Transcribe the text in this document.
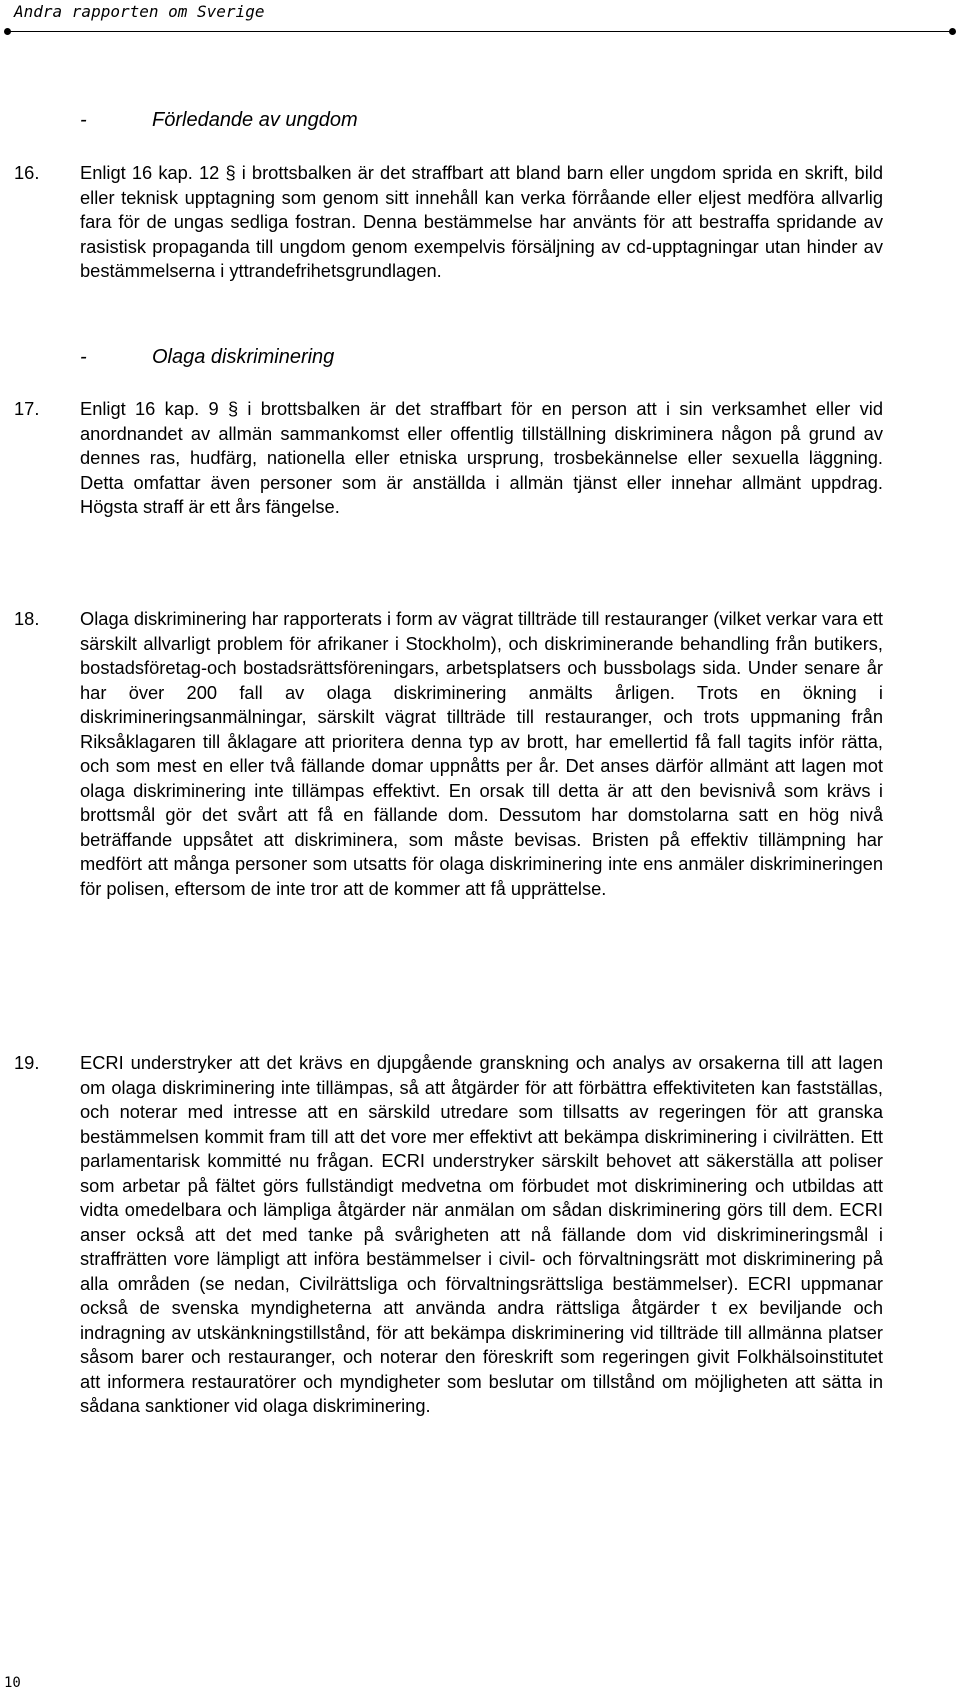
Andra rapporten om Sverige
-	Förledande av ungdom
16. Enligt 16 kap. 12 § i brottsbalken är det straffbart att bland barn eller ungdom sprida en skrift, bild eller teknisk upptagning som genom sitt innehåll kan verka förråande eller eljest medföra allvarlig fara för de ungas sedliga fostran. Denna bestämmelse har använts för att bestraffa spridande av rasistisk propaganda till ungdom genom exempelvis försäljning av cd-upptagningar utan hinder av bestämmelserna i yttrandefrihetsgrundlagen.
-	Olaga diskriminering
17. Enligt 16 kap. 9 § i brottsbalken är det straffbart för en person att i sin verksamhet eller vid anordnandet av allmän sammankomst eller offentlig tillställning diskriminera någon på grund av dennes ras, hudfärg, nationella eller etniska ursprung, trosbekännelse eller sexuella läggning. Detta omfattar även personer som är anställda i allmän tjänst eller innehar allmänt uppdrag. Högsta straff är ett års fängelse.
18. Olaga diskriminering har rapporterats i form av vägrat tillträde till restauranger (vilket verkar vara ett särskilt allvarligt problem för afrikaner i Stockholm), och diskriminerande behandling från butikers, bostadsföretag-och bostadsrättsföreningars, arbetsplatsers och bussbolags sida. Under senare år har över 200 fall av olaga diskriminering anmälts årligen. Trots en ökning i diskrimineringsanmälningar, särskilt vägrat tillträde till restauranger, och trots uppmaning från Riksåklagaren till åklagare att prioritera denna typ av brott, har emellertid få fall tagits inför rätta, och som mest en eller två fällande domar uppnåtts per år. Det anses därför allmänt att lagen mot olaga diskriminering inte tillämpas effektivt. En orsak till detta är att den bevisnivå som krävs i brottsmål gör det svårt att få en fällande dom. Dessutom har domstolarna satt en hög nivå beträffande uppsåtet att diskriminera, som måste bevisas. Bristen på effektiv tillämpning har medfört att många personer som utsatts för olaga diskriminering inte ens anmäler diskrimineringen för polisen, eftersom de inte tror att de kommer att få upprättelse.
19. ECRI understryker att det krävs en djupgående granskning och analys av orsakerna till att lagen om olaga diskriminering inte tillämpas, så att åtgärder för att förbättra effektiviteten kan fastställas, och noterar med intresse att en särskild utredare som tillsatts av regeringen för att granska bestämmelsen kommit fram till att det vore mer effektivt att bekämpa diskriminering i civilrätten. Ett parlamentarisk kommitté nu frågan. ECRI understryker särskilt behovet att säkerställa att poliser som arbetar på fältet görs fullständigt medvetna om förbudet mot diskriminering och utbildas att vidta omedelbara och lämpliga åtgärder när anmälan om sådan diskriminering görs till dem. ECRI anser också att det med tanke på svårigheten att nå fällande dom vid diskrimineringsmål i straffrätten vore lämpligt att införa bestämmelser i civil- och förvaltningsrätt mot diskriminering på alla områden (se nedan, Civilrättsliga och förvaltningsrättsliga bestämmelser). ECRI uppmanar också de svenska myndigheterna att använda andra rättsliga åtgärder t ex beviljande och indragning av utskänkningstillstånd, för att bekämpa diskriminering vid tillträde till allmänna platser såsom barer och restauranger, och noterar den föreskrift som regeringen givit Folkhälsoinstitutet att informera restauratörer och myndigheter som beslutar om tillstånd om möjligheten att sätta in sådana sanktioner vid olaga diskriminering.
10
